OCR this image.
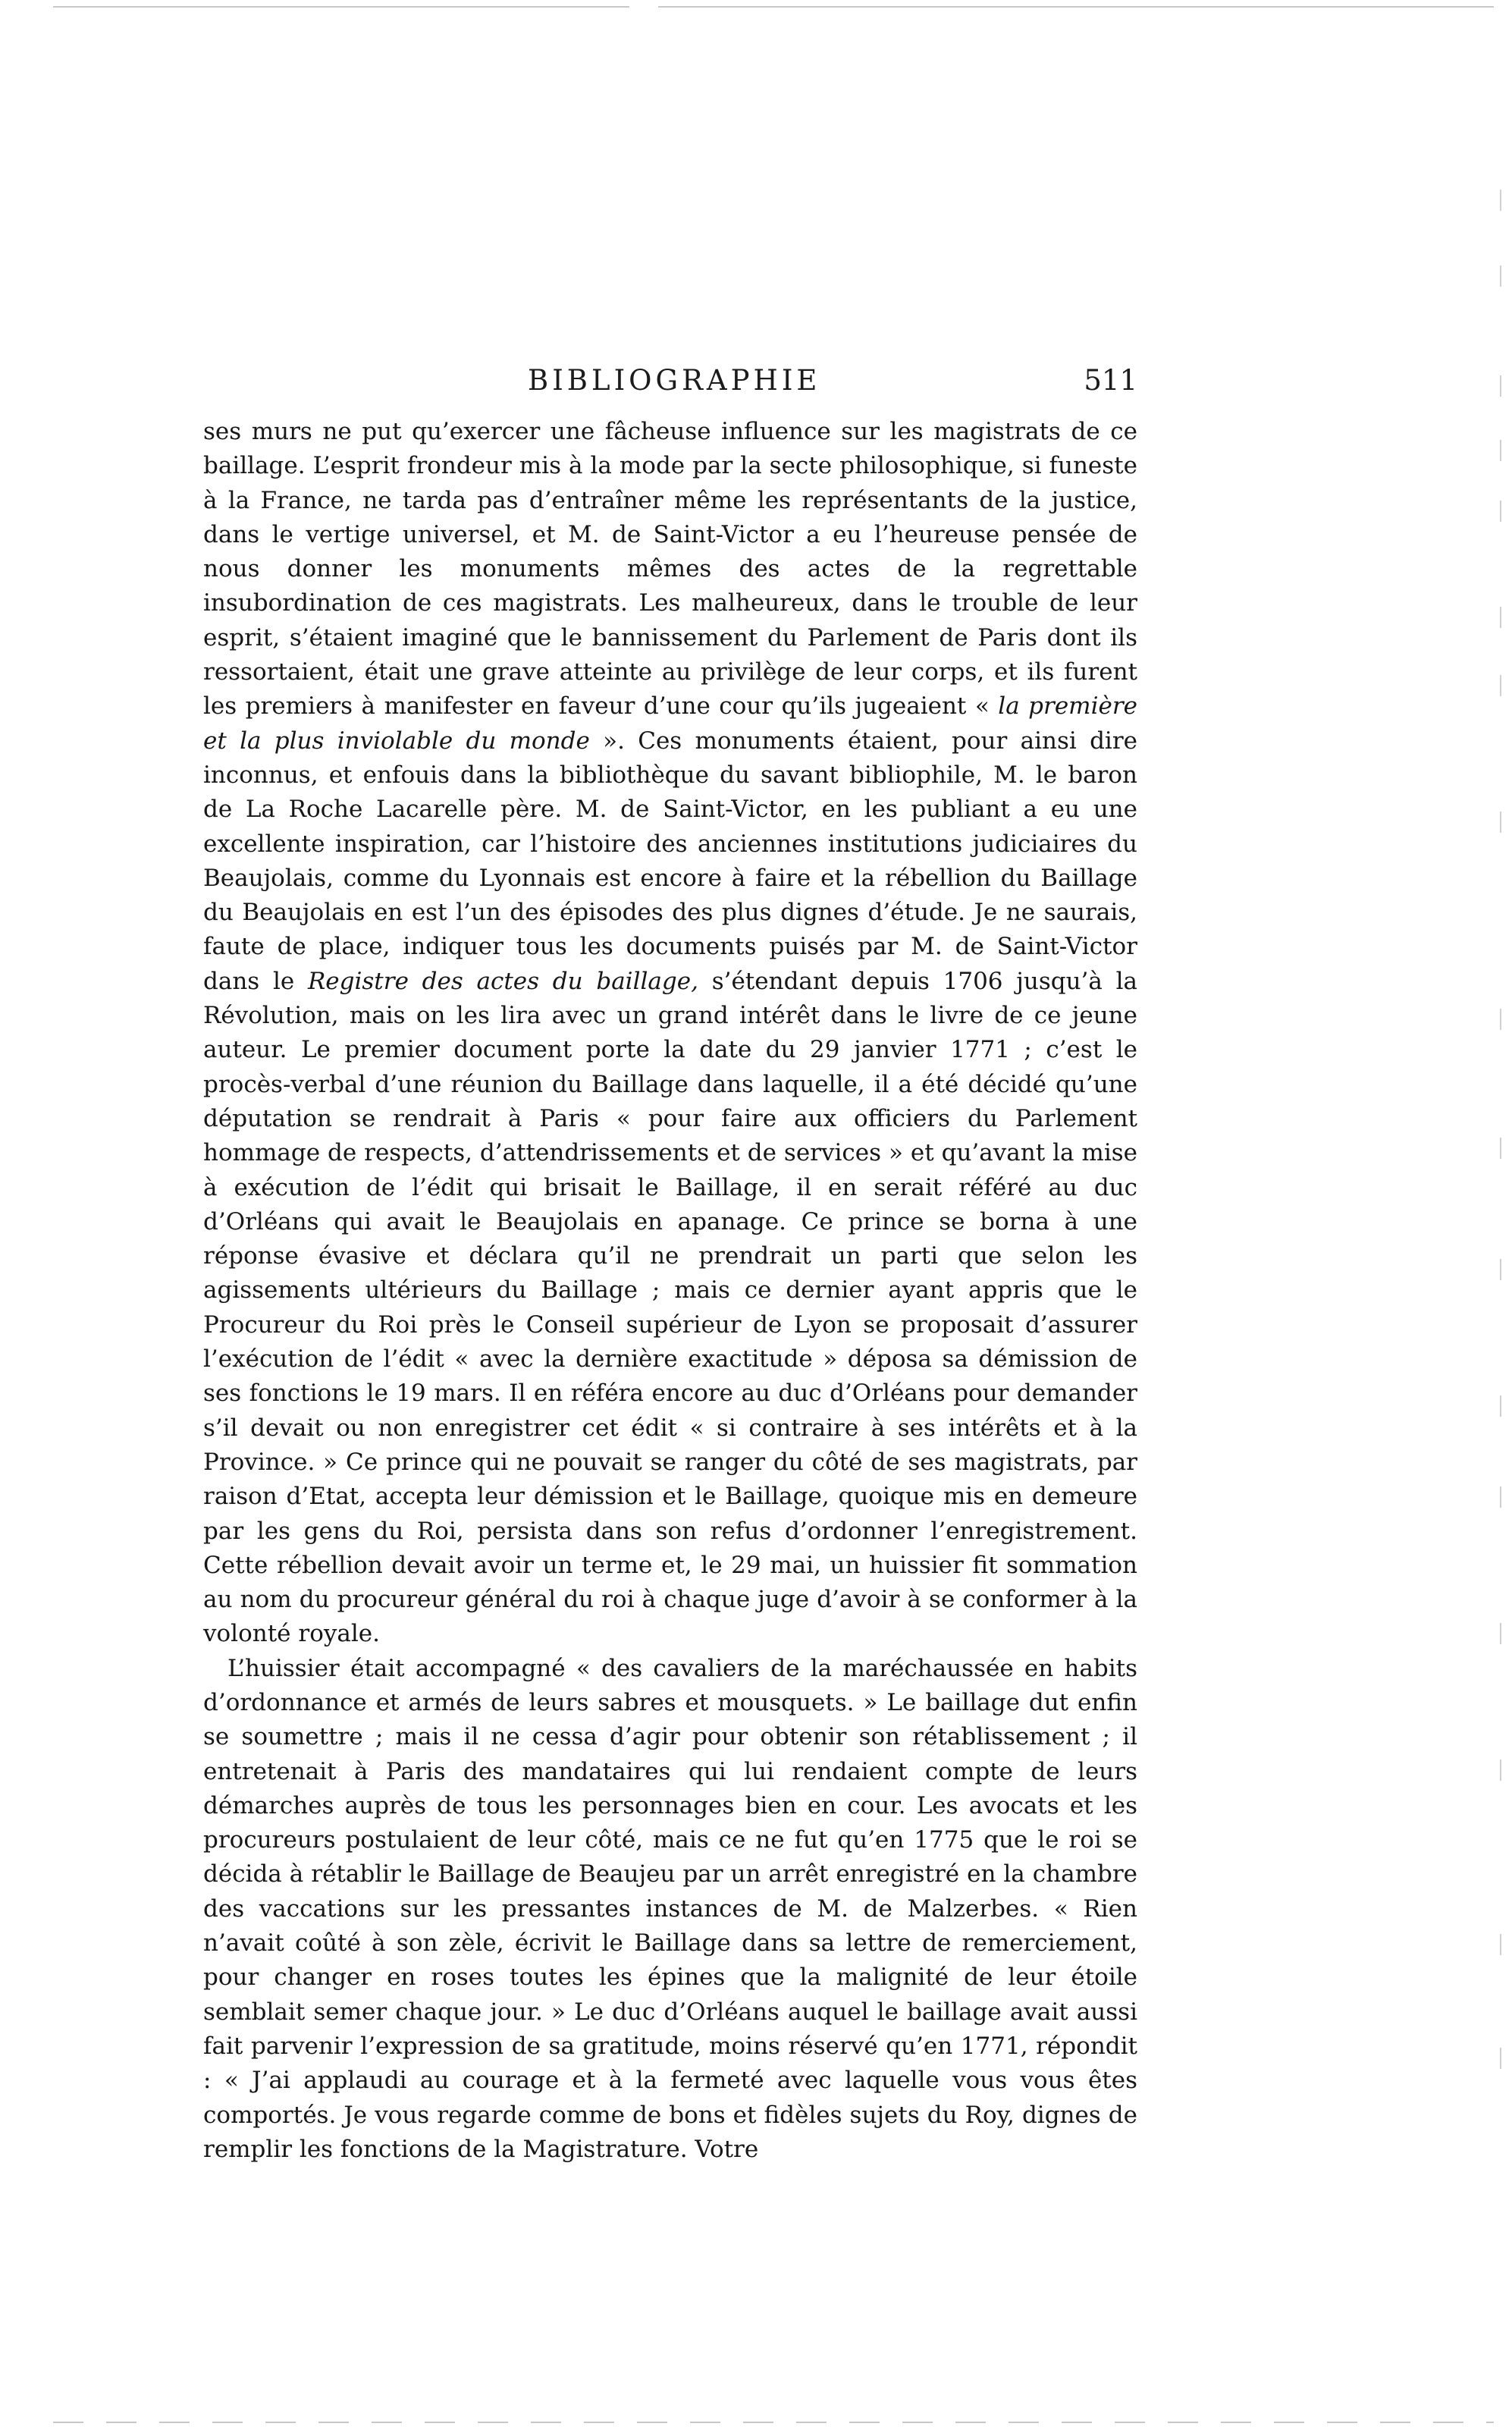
BIBLIOGRAPHIE	511

ses murs ne put qu’exercer une fâcheuse influence sur les magistrats de ce baillage. L’esprit frondeur mis à la mode par la secte philosophique, si funeste à la France, ne tarda pas d’entraîner même les représentants de la justice, dans le vertige universel, et M. de Saint-Victor a eu l’heureuse pensée de nous donner les monuments mêmes des actes de la regrettable insubordination de ces magistrats. Les malheureux, dans le trouble de leur esprit, s’étaient imaginé que le bannissement du Parlement de Paris dont ils ressortaient, était une grave atteinte au privilège de leur corps, et ils furent les premiers à manifester en faveur d’une cour qu’ils jugeaient « la première et la plus inviolable du monde ». Ces monuments étaient, pour ainsi dire inconnus, et enfouis dans la bibliothèque du savant bibliophile, M. le baron de La Roche Lacarelle père. M. de Saint-Victor, en les publiant a eu une excellente inspiration, car l’histoire des anciennes institutions judiciaires du Beaujolais, comme du Lyonnais est encore à faire et la rébellion du Baillage du Beaujolais en est l’un des épisodes des plus dignes d’étude. Je ne saurais, faute de place, indiquer tous les documents puisés par M. de Saint-Victor dans le Registre des actes du baillage, s’étendant depuis 1706 jusqu’à la Révolution, mais on les lira avec un grand intérêt dans le livre de ce jeune auteur. Le premier document porte la date du 29 janvier 1771 ; c’est le procès-verbal d’une réunion du Baillage dans laquelle, il a été décidé qu’une députation se rendrait à Paris « pour faire aux officiers du Parlement hommage de respects, d’attendrissements et de services » et qu’avant la mise à exécution de l’édit qui brisait le Baillage, il en serait référé au duc d’Orléans qui avait le Beaujolais en apanage. Ce prince se borna à une réponse évasive et déclara qu’il ne prendrait un parti que selon les agissements ultérieurs du Baillage ; mais ce dernier ayant appris que le Procureur du Roi près le Conseil supérieur de Lyon se proposait d’assurer l’exécution de l’édit « avec la dernière exactitude » déposa sa démission de ses fonctions le 19 mars. Il en référa encore au duc d’Orléans pour demander s’il devait ou non enregistrer cet édit « si contraire à ses intérêts et à la Province. » Ce prince qui ne pouvait se ranger du côté de ses magistrats, par raison d’Etat, accepta leur démission et le Baillage, quoique mis en demeure par les gens du Roi, persista dans son refus d’ordonner l’enregistrement. Cette rébellion devait avoir un terme et, le 29 mai, un huissier fit sommation au nom du procureur général du roi à chaque juge d’avoir à se conformer à la volonté royale.

L’huissier était accompagné « des cavaliers de la maréchaussée en habits d’ordonnance et armés de leurs sabres et mousquets. » Le baillage dut enfin se soumettre ; mais il ne cessa d’agir pour obtenir son rétablissement ; il entretenait à Paris des mandataires qui lui rendaient compte de leurs démarches auprès de tous les personnages bien en cour. Les avocats et les procureurs postulaient de leur côté, mais ce ne fut qu’en 1775 que le roi se décida à rétablir le Baillage de Beaujeu par un arrêt enregistré en la chambre des vaccations sur les pressantes instances de M. de Malzerbes. « Rien n’avait coûté à son zèle, écrivit le Baillage dans sa lettre de remerciement, pour changer en roses toutes les épines que la malignité de leur étoile semblait semer chaque jour. » Le duc d’Orléans auquel le baillage avait aussi fait parvenir l’expression de sa gratitude, moins réservé qu’en 1771, répondit : « J’ai applaudi au courage et à la fermeté avec laquelle vous vous êtes comportés. Je vous regarde comme de bons et fidèles sujets du Roy, dignes de remplir les fonctions de la Magistrature. Votre
